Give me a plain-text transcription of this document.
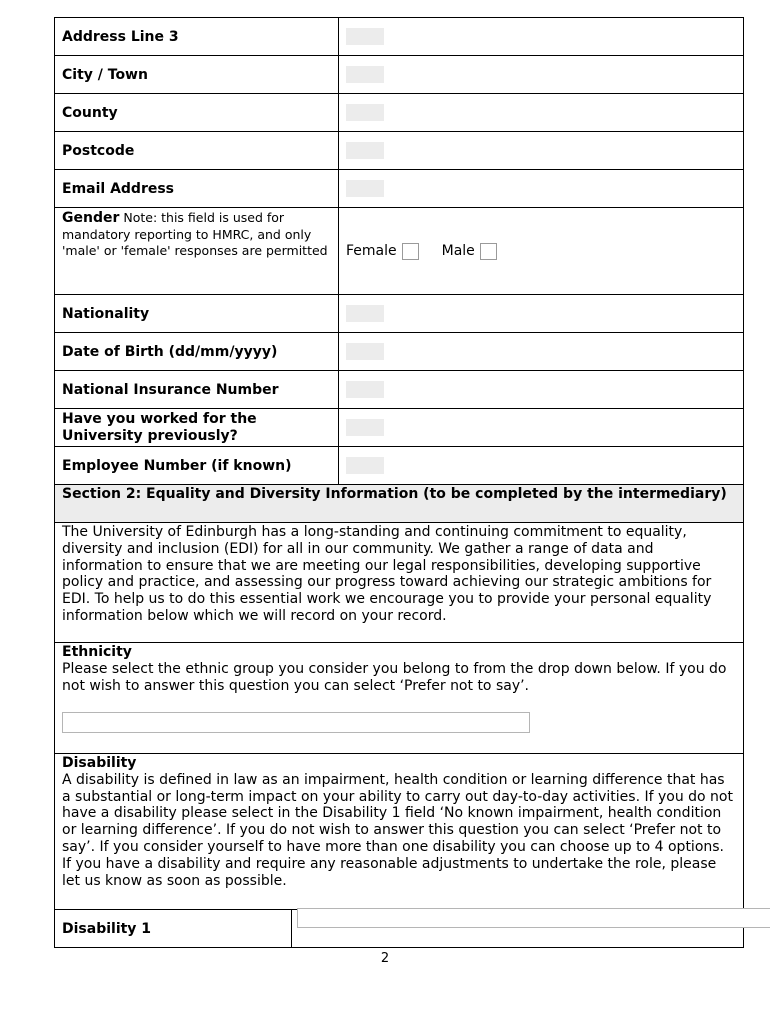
Address Line 3
City / Town
County
Postcode
Email Address
Gender Note: this field is used for mandatory reporting to HMRC, and only 'male' or 'female' responses are permitted	Female	Male
Nationality
Date of Birth (dd/mm/yyyy)
National Insurance Number
Have you worked for the University previously?
Employee Number (if known)
Section 2: Equality and Diversity Information (to be completed by the intermediary)
The University of Edinburgh has a long-standing and continuing commitment to equality, diversity and inclusion (EDI) for all in our community. We gather a range of data and information to ensure that we are meeting our legal responsibilities, developing supportive policy and practice, and assessing our progress toward achieving our strategic ambitions for EDI. To help us to do this essential work we encourage you to provide your personal equality information below which we will record on your record.
Ethnicity
Please select the ethnic group you consider you belong to from the drop down below. If you do not wish to answer this question you can select ‘Prefer not to say’.
Disability
A disability is defined in law as an impairment, health condition or learning difference that has a substantial or long-term impact on your ability to carry out day-to-day activities. If you do not have a disability please select in the Disability 1 field ‘No known impairment, health condition or learning difference’. If you do not wish to answer this question you can select ‘Prefer not to say’. If you consider yourself to have more than one disability you can choose up to 4 options.
If you have a disability and require any reasonable adjustments to undertake the role, please let us know as soon as possible.
Disability 1
2
